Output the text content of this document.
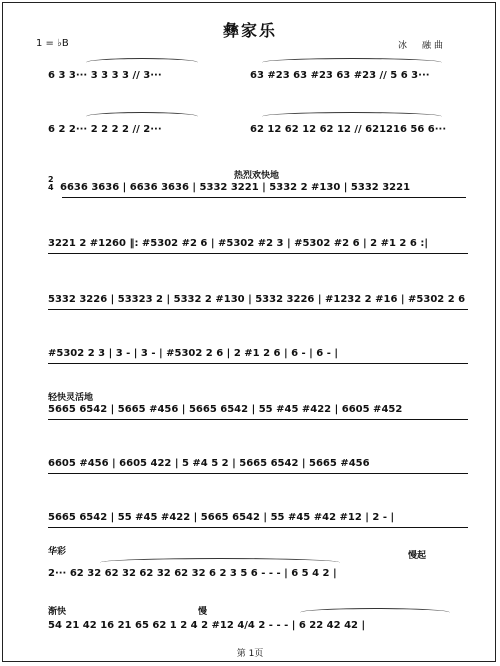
彝家乐
1 = ♭B	冰　融曲
6 3 3··· 3 3 3 3 // 3···	63 #23 63 #23 63 #23 // 5 6 3···
6 2 2··· 2 2 2 2 // 2···	62 12 62 12 62 12 // 621216 56 6···
2
4
热烈欢快地
6636 3636 | 6636 3636 | 5332 3221 | 5332 2 #130 | 5332 3221
3221 2 #1260 ‖: #5302 #2 6 | #5302 #2 3 | #5302 #2 6 | 2 #1 2 6 :|
5332 3226 | 53323 2 | 5332 2 #130 | 5332 3226 | #1232 2 #16 | #5302 2 6
#5302 2 3 | 3 - | 3 - | #5302 2 6 | 2 #1 2 6 | 6 - | 6 - |
轻快灵活地
5665 6542 | 5665 #456 | 5665 6542 | 55 #45 #422 | 6605 #452
6605 #456 | 6605 422 | 5 #4 5 2 | 5665 6542 | 5665 #456
5665 6542 | 55 #45 #422 | 5665 6542 | 55 #45 #42 #12 | 2 - |
华彩	慢起
2··· 62 32 62 32 62 32 62 32 6 2 3 5 6 - - - | 6 5 4 2 |
渐快	慢
54 21 42 16 21 65 62 1 2 4 2 #12 4/4 2 - - - | 6 22 42 42 |
第 1页
